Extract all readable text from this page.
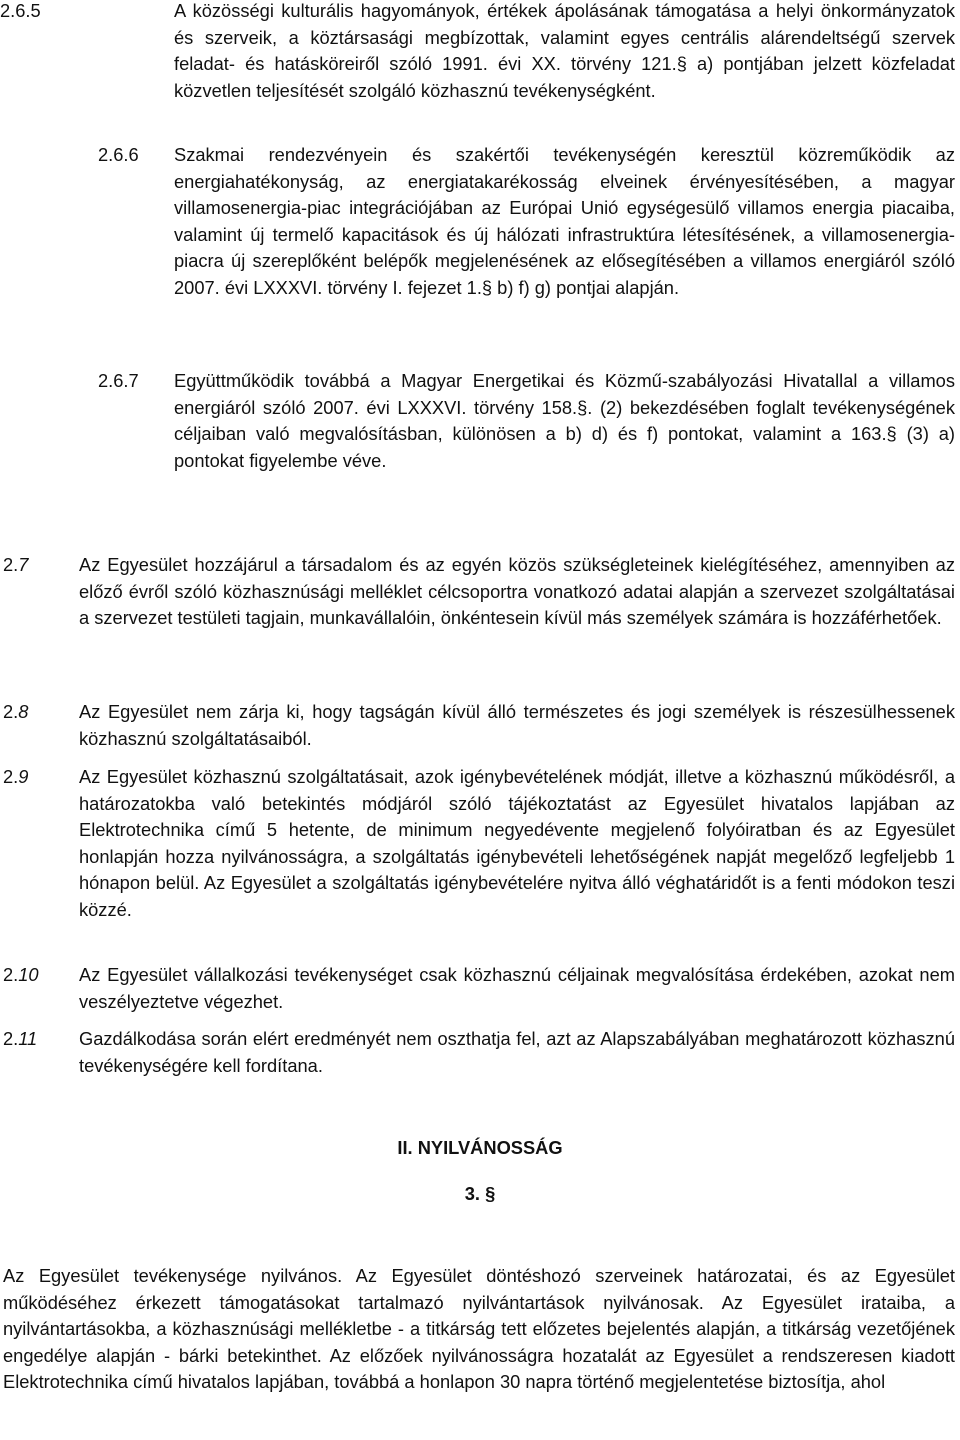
2.6.5	A közösségi kulturális hagyományok, értékek ápolásának támogatása a helyi önkormányzatok és szerveik, a köztársasági megbízottak, valamint egyes centrális alárendeltségű szervek feladat- és hatásköreiről szóló 1991. évi XX. törvény 121.§ a) pontjában jelzett közfeladat közvetlen teljesítését szolgáló közhasznú tevékenységként.
2.6.6	Szakmai rendezvényein és szakértői tevékenységén keresztül közreműködik az energiahatékonyság, az energiatakarékosság elveinek érvényesítésében, a magyar villamosenergia-piac integrációjában az Európai Unió egységesülő villamos energia piacaiba, valamint új termelő kapacitások és új hálózati infrastruktúra létesítésének, a villamosenergia-piacra új szereplőként belépők megjelenésének az elősegítésében a villamos energiáról szóló 2007. évi LXXXVI. törvény I. fejezet 1.§ b) f) g) pontjai alapján.
2.6.7	Együttműködik továbbá a Magyar Energetikai és Közmű-szabályozási Hivatallal a villamos energiáról szóló 2007. évi LXXXVI. törvény 158.§. (2) bekezdésében foglalt tevékenységének céljaiban való megvalósításban, különösen a b) d) és f) pontokat, valamint a 163.§ (3) a) pontokat figyelembe véve.
2.7	Az Egyesület hozzájárul a társadalom és az egyén közös szükségleteinek kielégítéséhez, amennyiben az előző évről szóló közhasznúsági melléklet célcsoportra vonatkozó adatai alapján a szervezet szolgáltatásai a szervezet testületi tagjain, munkavállalóin, önkéntesein kívül más személyek számára is hozzáférhetőek.
2.8	Az Egyesület nem zárja ki, hogy tagságán kívül álló természetes és jogi személyek is részesülhessenek közhasznú szolgáltatásaiból.
2.9	Az Egyesület közhasznú szolgáltatásait, azok igénybevételének módját, illetve a közhasznú működésről, a határozatokba való betekintés módjáról szóló tájékoztatást az Egyesület hivatalos lapjában az Elektrotechnika című 5 hetente, de minimum negyedévente megjelenő folyóiratban és az Egyesület honlapján hozza nyilvánosságra, a szolgáltatás igénybevételi lehetőségének napját megelőző legfeljebb 1 hónapon belül. Az Egyesület a szolgáltatás igénybevételére nyitva álló véghatáridőt is a fenti módokon teszi közzé.
2.10	Az Egyesület vállalkozási tevékenységet csak közhasznú céljainak megvalósítása érdekében, azokat nem veszélyeztetve végezhet.
2.11	Gazdálkodása során elért eredményét nem oszthatja fel, azt az Alapszabályában meghatározott közhasznú tevékenységére kell fordítana.
II. NYILVÁNOSSÁG
3. §
Az Egyesület tevékenysége nyilvános. Az Egyesület döntéshozó szerveinek határozatai, és az Egyesület működéséhez érkezett támogatásokat tartalmazó nyilvántartások nyilvánosak. Az Egyesület irataiba, a nyilvántartásokba, a közhasznúsági mellékletbe - a titkárság tett előzetes bejelentés alapján, a titkárság vezetőjének engedélye alapján - bárki betekinthet. Az előzőek nyilvánosságra hozatalát az Egyesület a rendszeresen kiadott Elektrotechnika című hivatalos lapjában, továbbá a honlapon 30 napra történő megjelentetése biztosítja, ahol
